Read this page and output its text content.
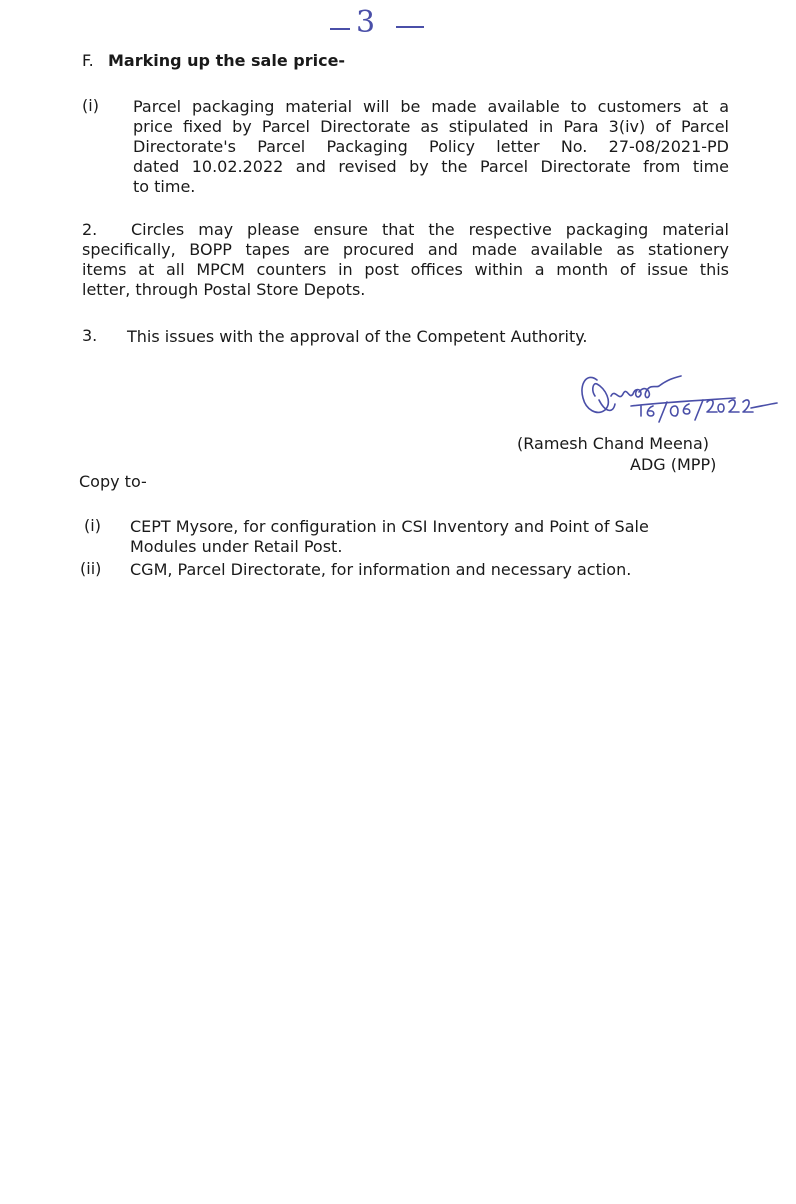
3
F. Marking up the sale price-
(i) Parcel packaging material will be made available to customers at a
price fixed by Parcel Directorate as stipulated in Para 3(iv) of Parcel
Directorate's Parcel Packaging Policy letter No. 27-08/2021-PD
dated 10.02.2022 and revised by the Parcel Directorate from time
to time.
2. Circles may please ensure that the respective packaging material
specifically, BOPP tapes are procured and made available as stationery
items at all MPCM counters in post offices within a month of issue this
letter, through Postal Store Depots.
3. This issues with the approval of the Competent Authority.
(Ramesh Chand Meena)
ADG (MPP)
Copy to-
(i) CEPT Mysore, for configuration in CSI Inventory and Point of Sale
Modules under Retail Post.
(ii) CGM, Parcel Directorate, for information and necessary action.
